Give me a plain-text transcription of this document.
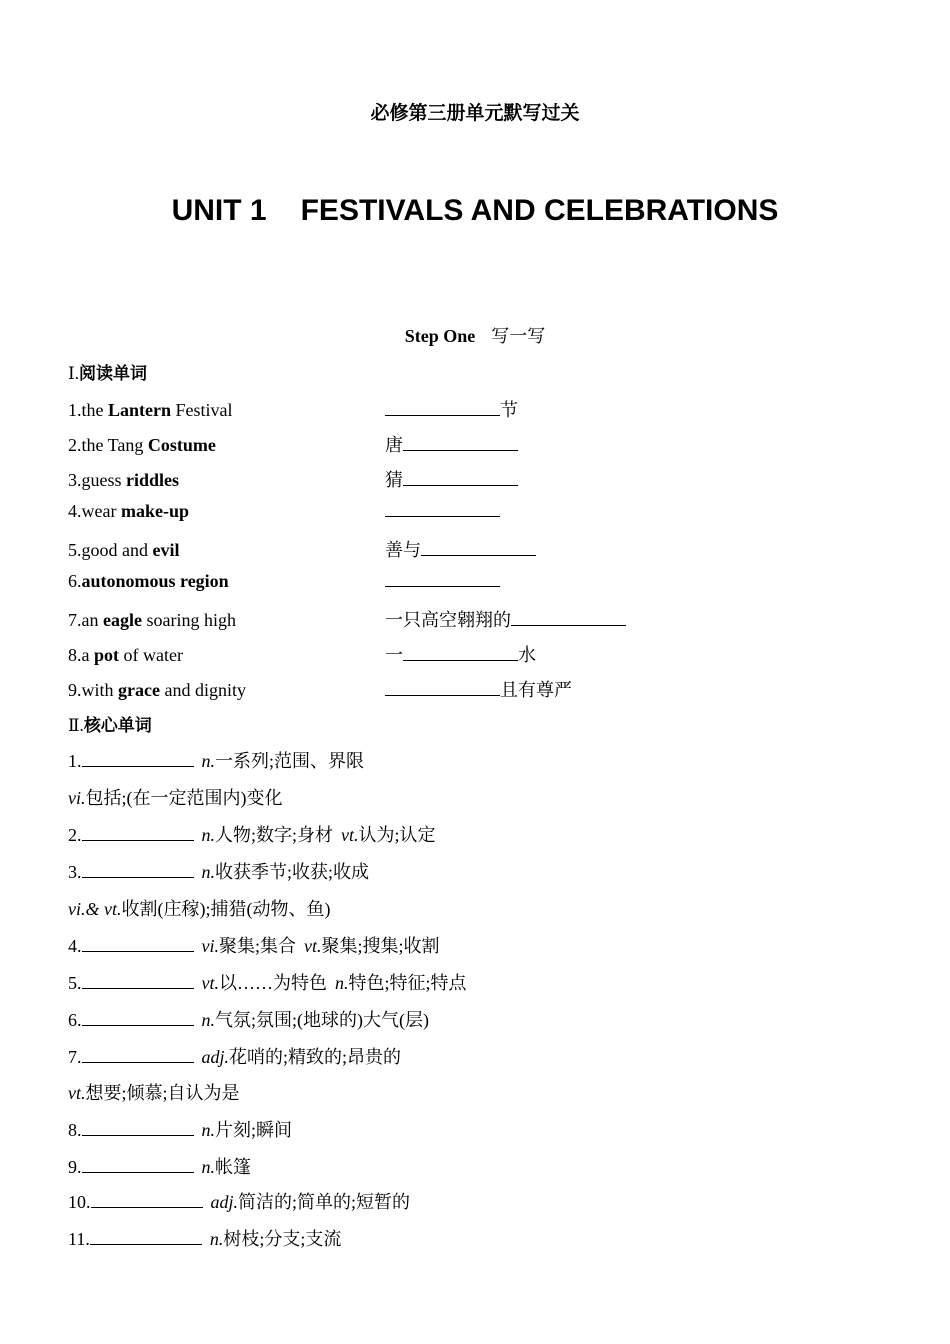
必修第三册单元默写过关
UNIT 1 FESTIVALS AND CELEBRATIONS
Step One 写一写
Ⅰ.阅读单词
1.the Lantern Festival	节
2.the Tang Costume	唐
3.guess riddles	猜
4.wear make-up
5.good and evil	善与
6.autonomous region
7.an eagle soaring high	一只高空翱翔的
8.a pot of water	一	水
9.with grace and dignity	且有尊严
Ⅱ.核心单词
1.	n.一系列;范围、界限
vi.包括;(在一定范围内)变化
2.	n.人物;数字;身材 vt.认为;认定
3.	n.收获季节;收获;收成
vi.& vt.收割(庄稼);捕猎(动物、鱼)
4.	vi.聚集;集合 vt.聚集;搜集;收割
5.	vt.以……为特色 n.特色;特征;特点
6.	n.气氛;氛围;(地球的)大气(层)
7.	adj.花哨的;精致的;昂贵的
vt.想要;倾慕;自认为是
8.	n.片刻;瞬间
9.	n.帐篷
10.	adj.简洁的;简单的;短暂的
11.	n.树枝;分支;支流
